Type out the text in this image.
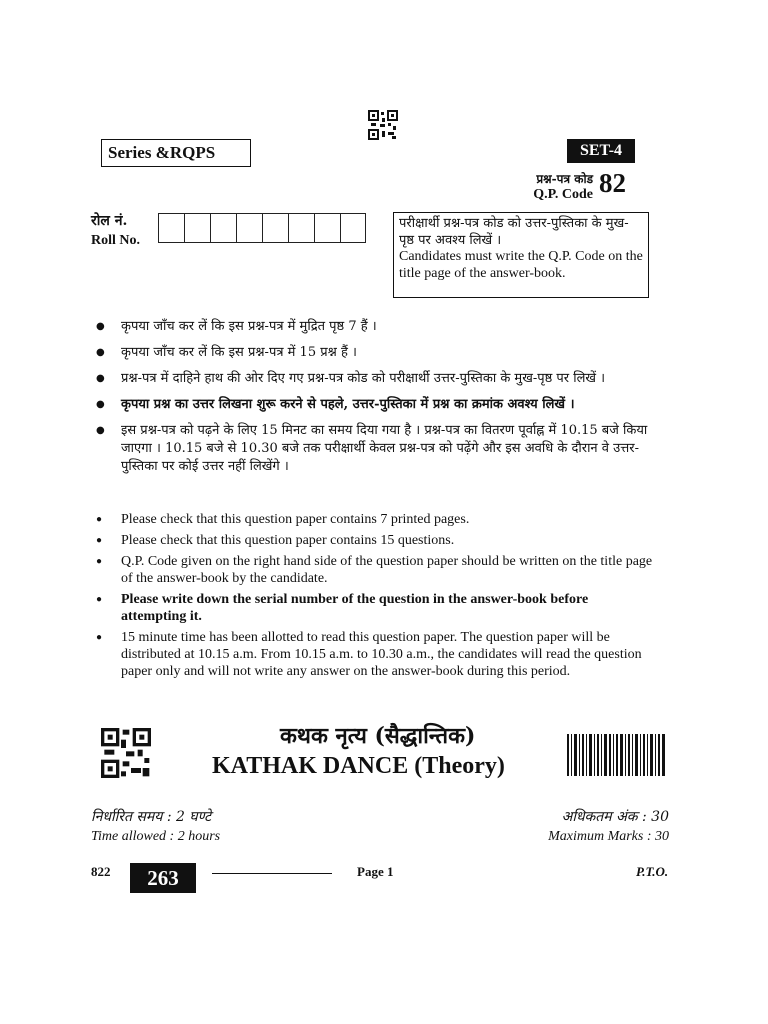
Series &RQPS	SET-4
प्रश्न-पत्र कोड
Q.P. Code 82
रोल नं.
Roll No.
परीक्षार्थी प्रश्न-पत्र कोड को उत्तर-पुस्तिका के मुख-पृष्ठ पर अवश्य लिखें ।
Candidates must write the Q.P. Code on the title page of the answer-book.
● कृपया जाँच कर लें कि इस प्रश्न-पत्र में मुद्रित पृष्ठ 7 हैं ।
● कृपया जाँच कर लें कि इस प्रश्न-पत्र में 15 प्रश्न हैं ।
● प्रश्न-पत्र में दाहिने हाथ की ओर दिए गए प्रश्न-पत्र कोड को परीक्षार्थी उत्तर-पुस्तिका के मुख-पृष्ठ पर लिखें ।
● कृपया प्रश्न का उत्तर लिखना शुरू करने से पहले, उत्तर-पुस्तिका में प्रश्न का क्रमांक अवश्य लिखें ।
● इस प्रश्न-पत्र को पढ़ने के लिए 15 मिनट का समय दिया गया है । प्रश्न-पत्र का वितरण पूर्वाह्न में 10.15 बजे किया जाएगा । 10.15 बजे से 10.30 बजे तक परीक्षार्थी केवल प्रश्न-पत्र को पढ़ेंगे और इस अवधि के दौरान वे उत्तर-पुस्तिका पर कोई उत्तर नहीं लिखेंगे ।
● Please check that this question paper contains 7 printed pages.
● Please check that this question paper contains 15 questions.
● Q.P. Code given on the right hand side of the question paper should be written on the title page of the answer-book by the candidate.
● Please write down the serial number of the question in the answer-book before attempting it.
● 15 minute time has been allotted to read this question paper. The question paper will be distributed at 10.15 a.m. From 10.15 a.m. to 10.30 a.m., the candidates will read the question paper only and will not write any answer on the answer-book during this period.
कथक नृत्य (सैद्धान्तिक)
KATHAK DANCE (Theory)
निर्धारित समय : 2 घण्टे
Time allowed : 2 hours
अधिकतम अंक : 30
Maximum Marks : 30
822	263	Page 1	P.T.O.
